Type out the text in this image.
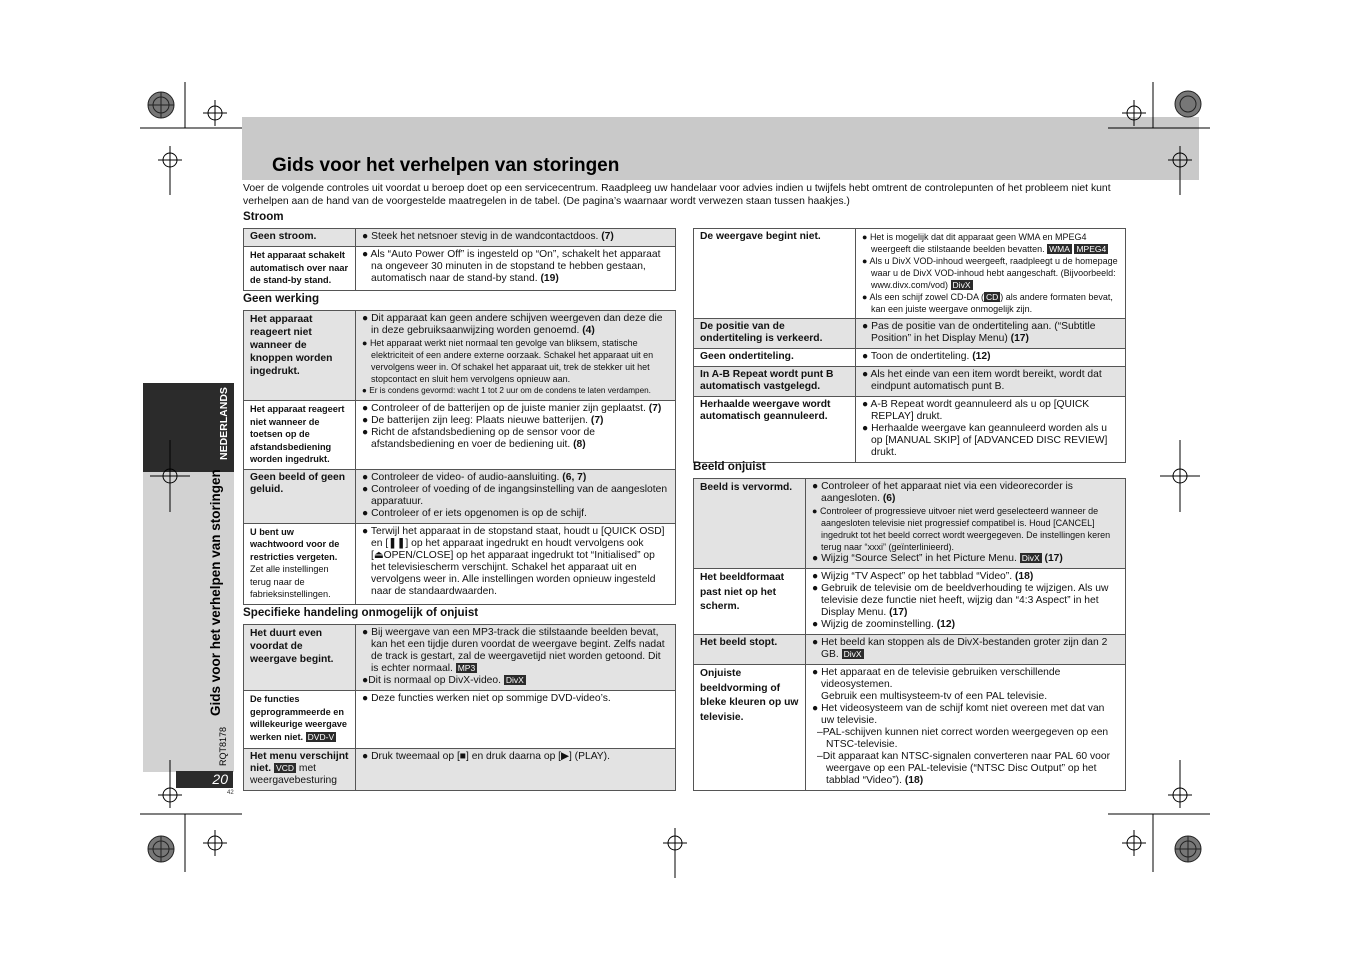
Gids voor het verhelpen van storingen
Voer de volgende controles uit voordat u beroep doet op een servicecentrum. Raadpleeg uw handelaar voor advies indien u twijfels hebt omtrent de controlepunten of het probleem niet kunt verhelpen aan de hand van de voorgestelde maatregelen in de tabel. (De pagina’s waarnaar wordt verwezen staan tussen haakjes.)
NEDERLANDS
Gids voor het verhelpen van storingen
RQT8178
20
42
Stroom
Geen stroom.	● Steek het netsnoer stevig in de wandcontactdoos. (7)

Het apparaat schakelt automatisch over naar de stand-by stand.	● Als “Auto Power Off” is ingesteld op “On”, schakelt het apparaat na ongeveer 30 minuten in de stopstand te hebben gestaan, automatisch naar de stand-by stand. (19)
Geen werking
Het apparaat reageert niet wanneer de knoppen worden ingedrukt.	● Dit apparaat kan geen andere schijven weergeven dan deze die in deze gebruiksaanwijzing worden genoemd. (4)
● Het apparaat werkt niet normaal ten gevolge van bliksem, statische elektriciteit of een andere externe oorzaak. Schakel het apparaat uit en vervolgens weer in. Of schakel het apparaat uit, trek de stekker uit het stopcontact en sluit hem vervolgens opnieuw aan.
● Er is condens gevormd: wacht 1 tot 2 uur om de condens te laten verdampen.

Het apparaat reageert niet wanneer de toetsen op de afstandsbediening worden ingedrukt.	● Controleer of de batterijen op de juiste manier zijn geplaatst. (7)
● De batterijen zijn leeg: Plaats nieuwe batterijen. (7)
● Richt de afstandsbediening op de sensor voor de afstandsbediening en voer de bediening uit. (8)

Geen beeld of geen geluid.	● Controleer de video- of audio-aansluiting. (6, 7)
● Controleer of voeding of de ingangsinstelling van de aangesloten apparatuur.
● Controleer of er iets opgenomen is op de schijf.

U bent uw wachtwoord voor de restricties vergeten.
Zet alle instellingen terug naar de fabrieksinstellingen.	● Terwijl het apparaat in de stopstand staat, houdt u [QUICK OSD] en [❚❚] op het apparaat ingedrukt en houdt vervolgens ook [⏏OPEN/CLOSE] op het apparaat ingedrukt tot “Initialised” op het televisiescherm verschijnt. Schakel het apparaat uit en vervolgens weer in. Alle instellingen worden opnieuw ingesteld naar de standaardwaarden.
Specifieke handeling onmogelijk of onjuist
Het duurt even voordat de weergave begint.	● Bij weergave van een MP3-track die stilstaande beelden bevat, kan het een tijdje duren voordat de weergave begint. Zelfs nadat de track is gestart, zal de weergavetijd niet worden getoond. Dit is echter normaal. MP3
●Dit is normaal op DivX-video. DivX

De functies geprogrammeerde en willekeurige weergave werken niet. DVD-V	● Deze functies werken niet op sommige DVD-video’s.

Het menu verschijnt niet. VCD met weergavebesturing	● Druk tweemaal op [■] en druk daarna op [▶] (PLAY).
De weergave begint niet.	● Het is mogelijk dat dit apparaat geen WMA en MPEG4 weergeeft die stilstaande beelden bevatten. WMA MPEG4
● Als u DivX VOD-inhoud weergeeft, raadpleegt u de homepage waar u de DivX VOD-inhoud hebt aangeschaft. (Bijvoorbeeld: www.divx.com/vod) DivX
● Als een schijf zowel CD-DA ( CD ) als andere formaten bevat, kan een juiste weergave onmogelijk zijn.

De positie van de ondertiteling is verkeerd.	● Pas de positie van de ondertiteling aan. (“Subtitle Position” in het Display Menu) (17)

Geen ondertiteling.	● Toon de ondertiteling. (12)

In A-B Repeat wordt punt B automatisch vastgelegd.	● Als het einde van een item wordt bereikt, wordt dat eindpunt automatisch punt B.

Herhaalde weergave wordt automatisch geannuleerd.	● A-B Repeat wordt geannuleerd als u op [QUICK REPLAY] drukt.
● Herhaalde weergave kan geannuleerd worden als u op [MANUAL SKIP] of [ADVANCED DISC REVIEW] drukt.
Beeld onjuist
Beeld is vervormd.	● Controleer of het apparaat niet via een videorecorder is aangesloten. (6)
● Controleer of progressieve uitvoer niet werd geselecteerd wanneer de aangesloten televisie niet progressief compatibel is. Houd [CANCEL] ingedrukt tot het beeld correct wordt weergegeven. De instellingen keren terug naar “xxxi” (geïnterlinieerd).
● Wijzig “Source Select” in het Picture Menu. DivX (17)

Het beeldformaat past niet op het scherm.	● Wijzig “TV Aspect” op het tabblad “Video”. (18)
● Gebruik de televisie om de beeldverhouding te wijzigen. Als uw televisie deze functie niet heeft, wijzig dan “4:3 Aspect” in het Display Menu. (17)
● Wijzig de zoominstelling. (12)

Het beeld stopt.	● Het beeld kan stoppen als de DivX-bestanden groter zijn dan 2 GB. DivX

Onjuiste beeldvorming of bleke kleuren op uw televisie.	● Het apparaat en de televisie gebruiken verschillende videosystemen.
Gebruik een multisysteem-tv of een PAL televisie.
● Het videosysteem van de schijf komt niet overeen met dat van uw televisie.
–PAL-schijven kunnen niet correct worden weergegeven op een NTSC-televisie.
–Dit apparaat kan NTSC-signalen converteren naar PAL 60 voor weergave op een PAL-televisie (“NTSC Disc Output” op het tabblad “Video”). (18)
